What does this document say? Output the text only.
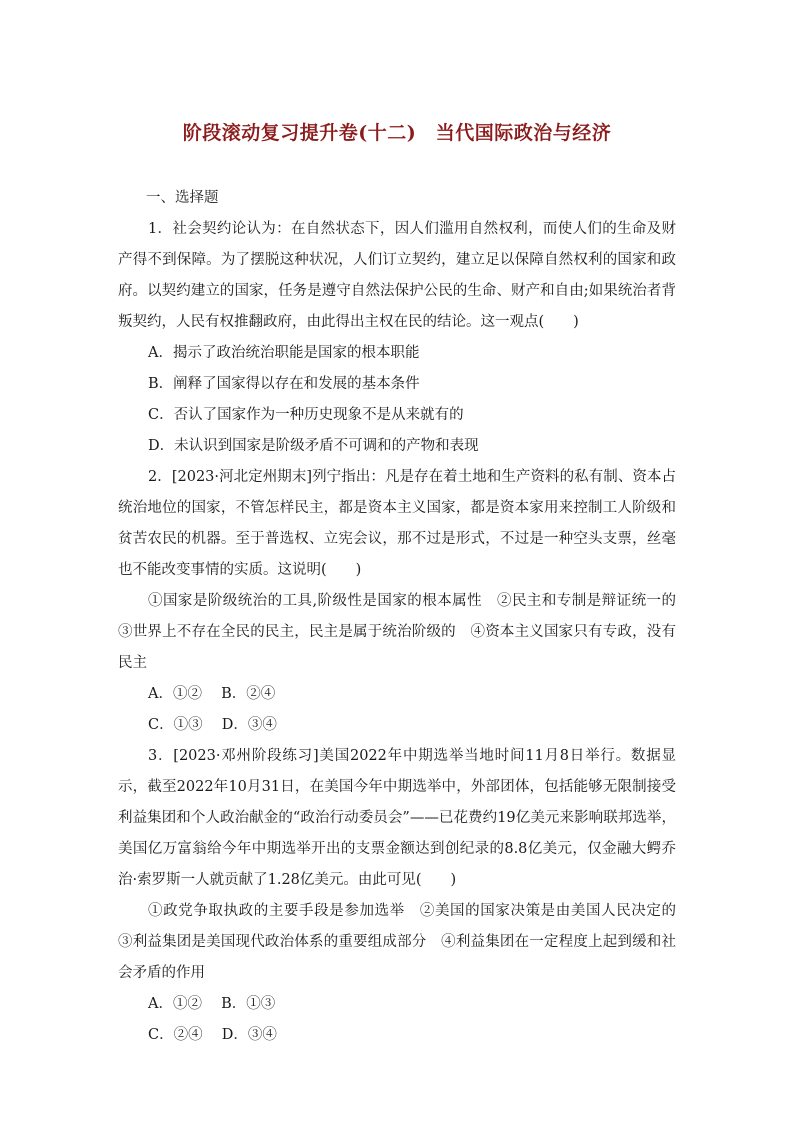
阶段滚动复习提升卷(十二)　当代国际政治与经济
一、选择题

1．社会契约论认为：在自然状态下，因人们滥用自然权利，而使人们的生命及财产得不到保障。为了摆脱这种状况，人们订立契约，建立足以保障自然权利的国家和政府。以契约建立的国家，任务是遵守自然法保护公民的生命、财产和自由;如果统治者背叛契约，人民有权推翻政府，由此得出主权在民的结论。这一观点(　　)

A．揭示了政治统治职能是国家的根本职能

B．阐释了国家得以存在和发展的基本条件

C．否认了国家作为一种历史现象不是从来就有的

D．未认识到国家是阶级矛盾不可调和的产物和表现

2．[2023·河北定州期末]列宁指出：凡是存在着土地和生产资料的私有制、资本占统治地位的国家，不管怎样民主，都是资本主义国家，都是资本家用来控制工人阶级和贫苦农民的机器。至于普选权、立宪会议，那不过是形式，不过是一种空头支票，丝毫也不能改变事情的实质。这说明(　　)

①国家是阶级统治的工具,阶级性是国家的根本属性　②民主和专制是辩证统一的　③世界上不存在全民的民主，民主是属于统治阶级的　④资本主义国家只有专政，没有民主

A．①②　 B．②④

C．①③　 D．③④

3．[2023·邓州阶段练习]美国2022年中期选举当地时间11月8日举行。数据显示，截至2022年10月31日，在美国今年中期选举中，外部团体，包括能够无限制接受利益集团和个人政治献金的“政治行动委员会”——已花费约19亿美元来影响联邦选举，美国亿万富翁给今年中期选举开出的支票金额达到创纪录的8.8亿美元，仅金融大鳄乔治·索罗斯一人就贡献了1.28亿美元。由此可见(　　)

①政党争取执政的主要手段是参加选举　②美国的国家决策是由美国人民决定的　③利益集团是美国现代政治体系的重要组成部分　④利益集团在一定程度上起到缓和社会矛盾的作用

A．①②　 B．①③

C．②④　 D．③④
